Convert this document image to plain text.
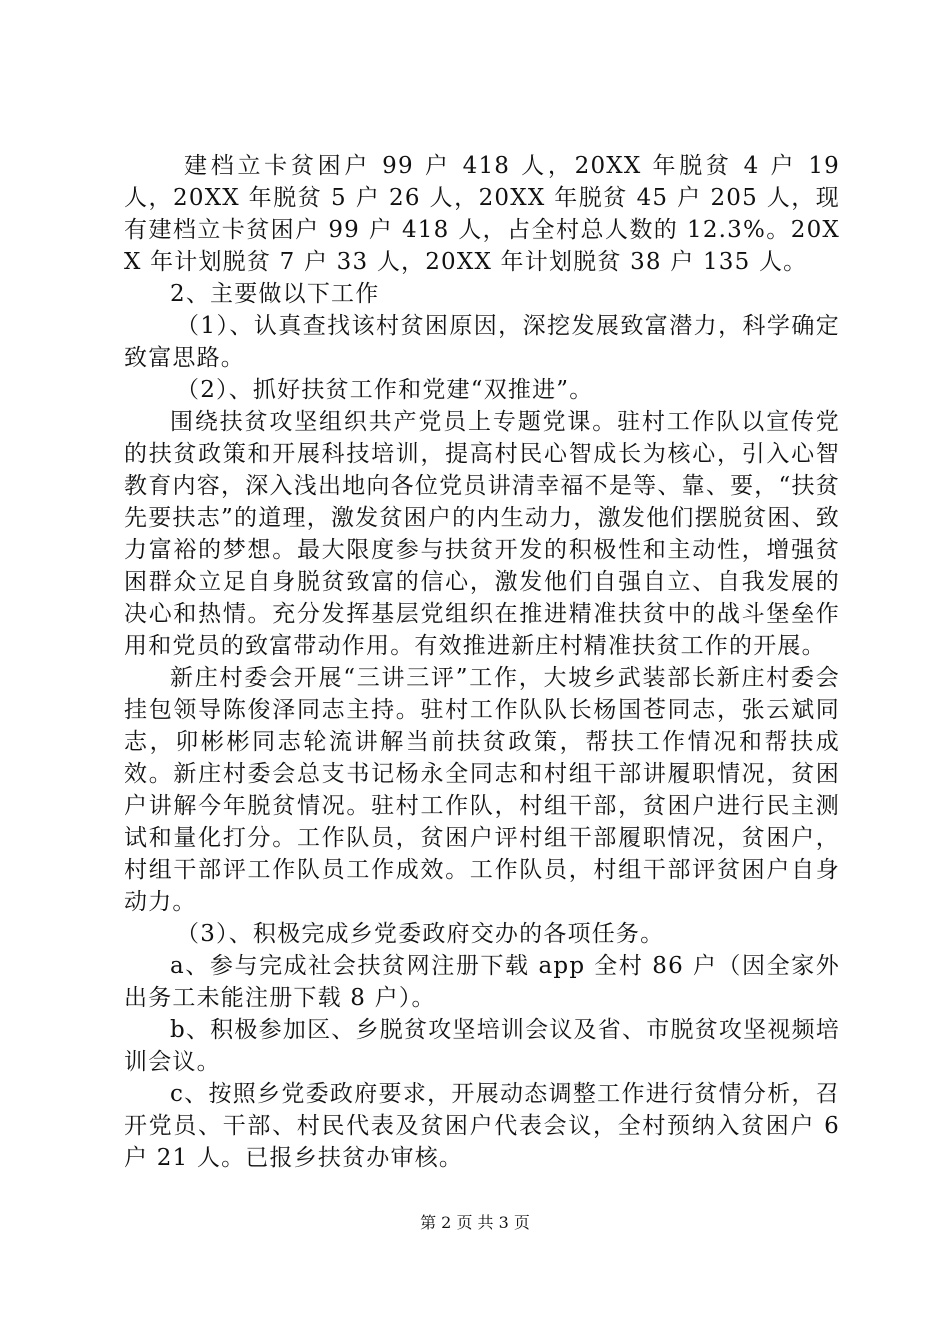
建档立卡贫困户 99 户 418 人，20XX 年脱贫 4 户 19 人，20XX 年脱贫 5 户 26 人，20XX 年脱贫 45 户 205 人，现有建档立卡贫困户 99 户 418 人，占全村总人数的 12.3%。20XX 年计划脱贫 7 户 33 人，20XX 年计划脱贫 38 户 135 人。

2、主要做以下工作

（1）、认真查找该村贫困原因，深挖发展致富潜力，科学确定致富思路。

（2）、抓好扶贫工作和党建“双推进”。

围绕扶贫攻坚组织共产党员上专题党课。驻村工作队以宣传党的扶贫政策和开展科技培训，提高村民心智成长为核心，引入心智教育内容，深入浅出地向各位党员讲清幸福不是等、靠、要，“扶贫先要扶志”的道理，激发贫困户的内生动力，激发他们摆脱贫困、致力富裕的梦想。最大限度参与扶贫开发的积极性和主动性，增强贫困群众立足自身脱贫致富的信心，激发他们自强自立、自我发展的决心和热情。充分发挥基层党组织在推进精准扶贫中的战斗堡垒作用和党员的致富带动作用。有效推进新庄村精准扶贫工作的开展。

新庄村委会开展“三讲三评”工作，大坡乡武装部长新庄村委会挂包领导陈俊泽同志主持。驻村工作队队长杨国苍同志，张云斌同志，卯彬彬同志轮流讲解当前扶贫政策，帮扶工作情况和帮扶成效。新庄村委会总支书记杨永全同志和村组干部讲履职情况，贫困户讲解今年脱贫情况。驻村工作队，村组干部，贫困户进行民主测试和量化打分。工作队员，贫困户评村组干部履职情况，贫困户，村组干部评工作队员工作成效。工作队员，村组干部评贫困户自身动力。

（3）、积极完成乡党委政府交办的各项任务。

a、参与完成社会扶贫网注册下载 app 全村 86 户（因全家外出务工未能注册下载 8 户）。

b、积极参加区、乡脱贫攻坚培训会议及省、市脱贫攻坚视频培训会议。

c、按照乡党委政府要求，开展动态调整工作进行贫情分析，召开党员、干部、村民代表及贫困户代表会议，全村预纳入贫困户 6 户 21 人。已报乡扶贫办审核。

第 2 页 共 3 页
